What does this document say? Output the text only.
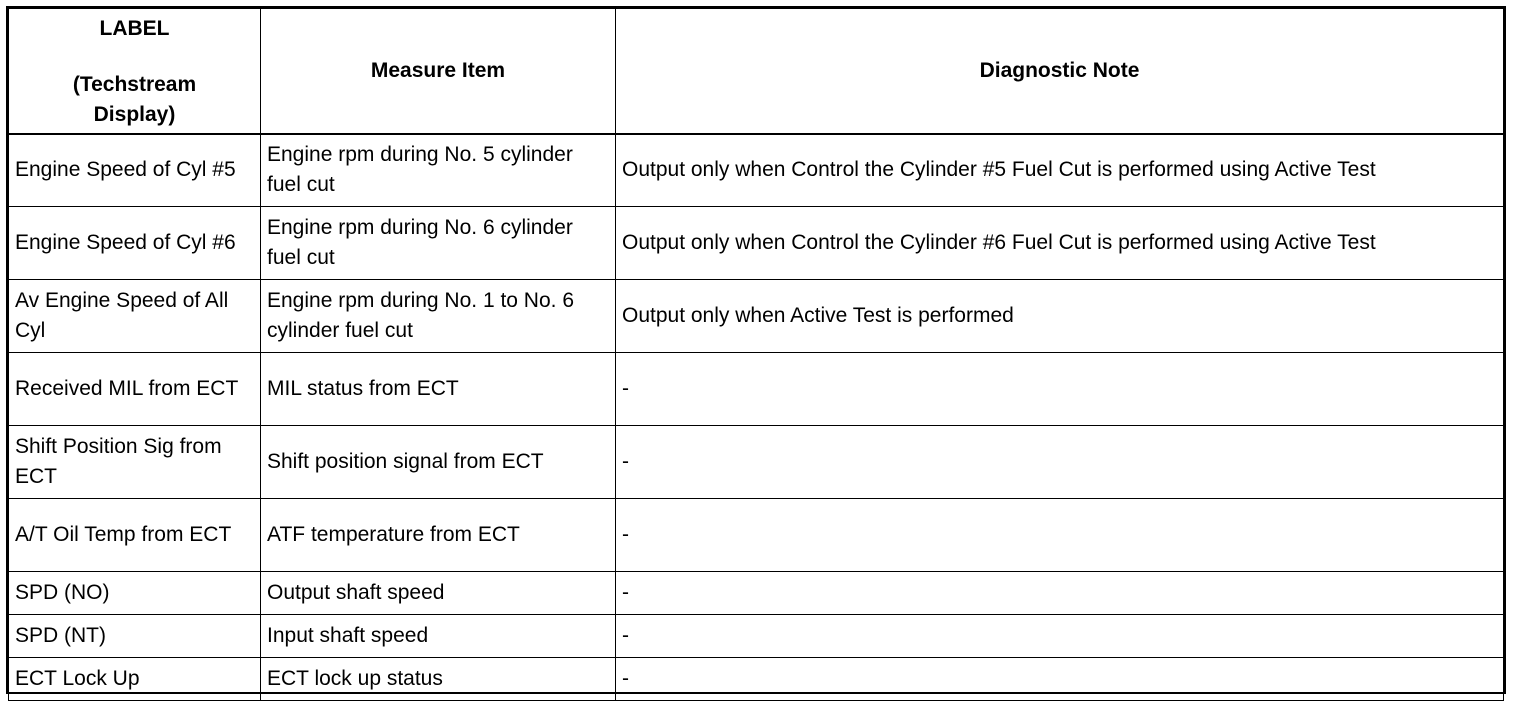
LABEL
(Techstream
Display)	Measure Item	Diagnostic Note
Engine Speed of Cyl #5	Engine rpm during No. 5 cylinder fuel cut	Output only when Control the Cylinder #5 Fuel Cut is performed using Active Test
Engine Speed of Cyl #6	Engine rpm during No. 6 cylinder fuel cut	Output only when Control the Cylinder #6 Fuel Cut is performed using Active Test
Av Engine Speed of All Cyl	Engine rpm during No. 1 to No. 6 cylinder fuel cut	Output only when Active Test is performed
Received MIL from ECT	MIL status from ECT	-
Shift Position Sig from ECT	Shift position signal from ECT	-
A/T Oil Temp from ECT	ATF temperature from ECT	-
SPD (NO)	Output shaft speed	-
SPD (NT)	Input shaft speed	-
ECT Lock Up	ECT lock up status	-
